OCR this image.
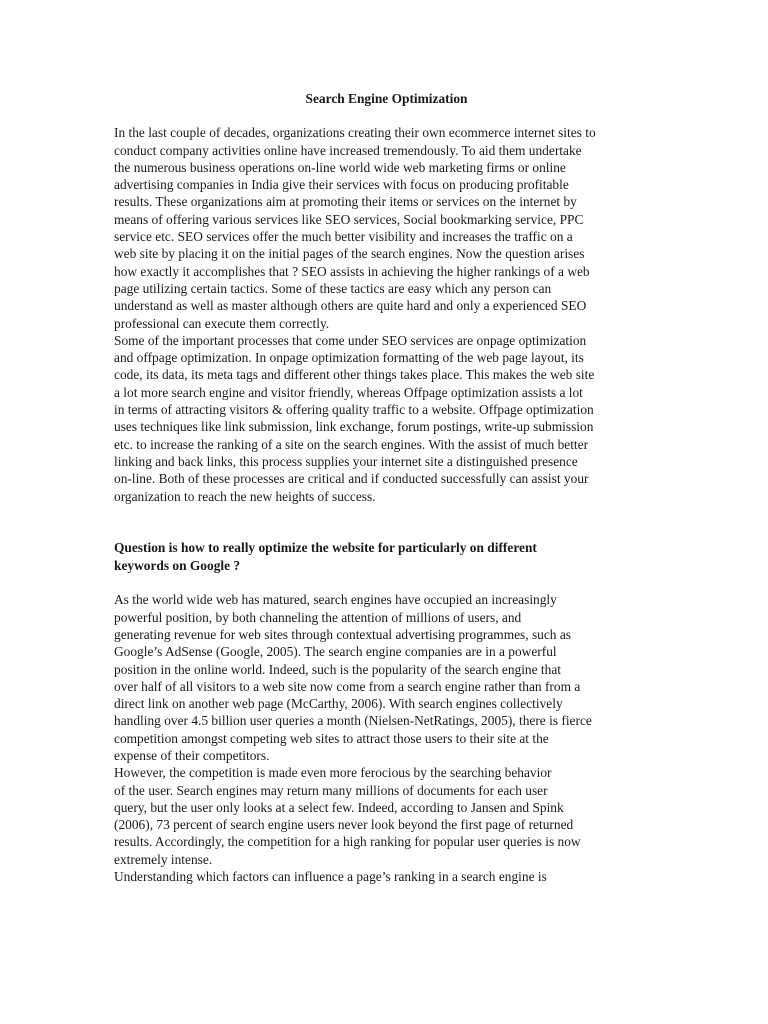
Search Engine Optimization

In the last couple of decades, organizations creating their own ecommerce internet sites to
conduct company activities online have increased tremendously. To aid them undertake
the numerous business operations on-line world wide web marketing firms or online
advertising companies in India give their services with focus on producing profitable
results. These organizations aim at promoting their items or services on the internet by
means of offering various services like SEO services, Social bookmarking service, PPC
service etc. SEO services offer the much better visibility and increases the traffic on a
web site by placing it on the initial pages of the search engines. Now the question arises
how exactly it accomplishes that ? SEO assists in achieving the higher rankings of a web
page utilizing certain tactics. Some of these tactics are easy which any person can
understand as well as master although others are quite hard and only a experienced SEO
professional can execute them correctly.

Some of the important processes that come under SEO services are onpage optimization
and offpage optimization. In onpage optimization formatting of the web page layout, its
code, its data, its meta tags and different other things takes place. This makes the web site
a lot more search engine and visitor friendly, whereas Offpage optimization assists a lot
in terms of attracting visitors & offering quality traffic to a website. Offpage optimization
uses techniques like link submission, link exchange, forum postings, write-up submission
etc. to increase the ranking of a site on the search engines. With the assist of much better
linking and back links, this process supplies your internet site a distinguished presence
on-line. Both of these processes are critical and if conducted successfully can assist your
organization to reach the new heights of success.

Question is how to really optimize the website for particularly on different
keywords on Google ?

As the world wide web has matured, search engines have occupied an increasingly
powerful position, by both channeling the attention of millions of users, and
generating revenue for web sites through contextual advertising programmes, such as
Google’s AdSense (Google, 2005). The search engine companies are in a powerful
position in the online world. Indeed, such is the popularity of the search engine that
over half of all visitors to a web site now come from a search engine rather than from a
direct link on another web page (McCarthy, 2006). With search engines collectively
handling over 4.5 billion user queries a month (Nielsen-NetRatings, 2005), there is fierce
competition amongst competing web sites to attract those users to their site at the
expense of their competitors.

However, the competition is made even more ferocious by the searching behavior
of the user. Search engines may return many millions of documents for each user
query, but the user only looks at a select few. Indeed, according to Jansen and Spink
(2006), 73 percent of search engine users never look beyond the first page of returned
results. Accordingly, the competition for a high ranking for popular user queries is now
extremely intense.

Understanding which factors can influence a page’s ranking in a search engine is
